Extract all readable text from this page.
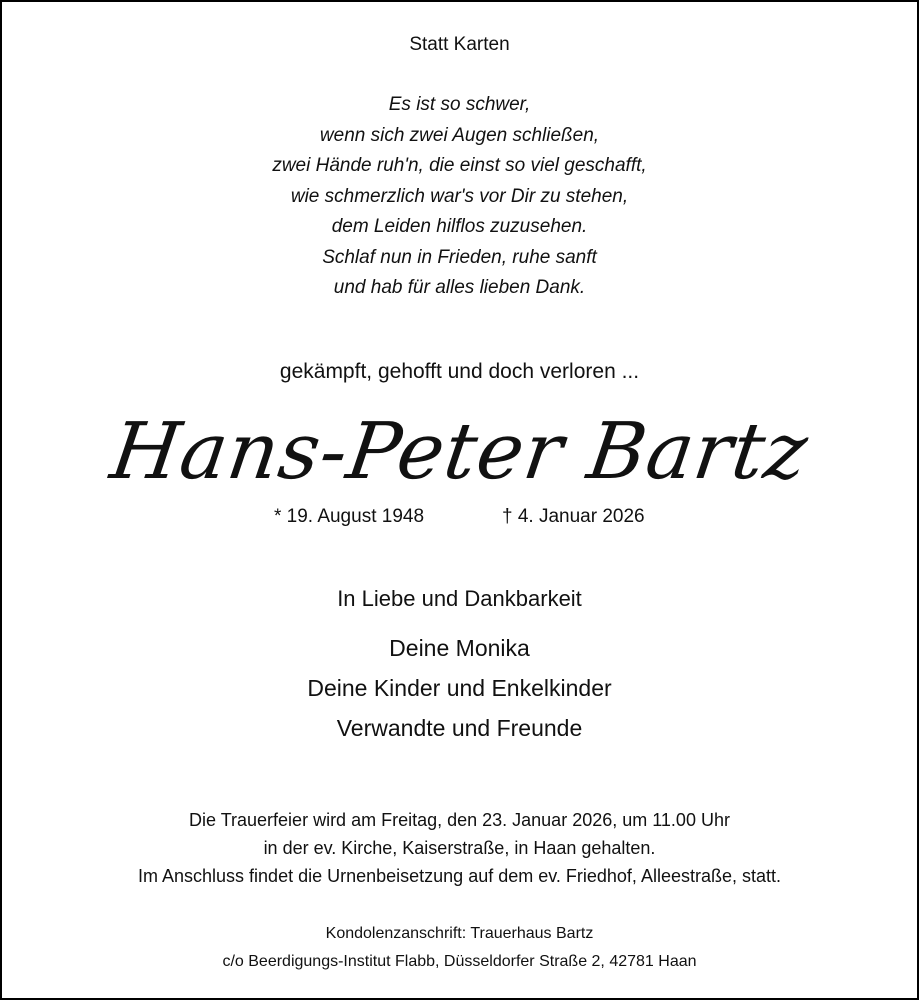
Statt Karten
Es ist so schwer,
wenn sich zwei Augen schließen,
zwei Hände ruh'n, die einst so viel geschafft,
wie schmerzlich war's vor Dir zu stehen,
dem Leiden hilflos zuzusehen.
Schlaf nun in Frieden, ruhe sanft
und hab für alles lieben Dank.
gekämpft, gehofft und doch verloren ...
Hans-Peter Bartz
* 19. August 1948	† 4. Januar 2026
In Liebe und Dankbarkeit
Deine Monika
Deine Kinder und Enkelkinder
Verwandte und Freunde
Die Trauerfeier wird am Freitag, den 23. Januar 2026, um 11.00 Uhr
in der ev. Kirche, Kaiserstraße, in Haan gehalten.
Im Anschluss findet die Urnenbeisetzung auf dem ev. Friedhof, Alleestraße, statt.
Kondolenzanschrift: Trauerhaus Bartz
c/o Beerdigungs-Institut Flabb, Düsseldorfer Straße 2, 42781 Haan
